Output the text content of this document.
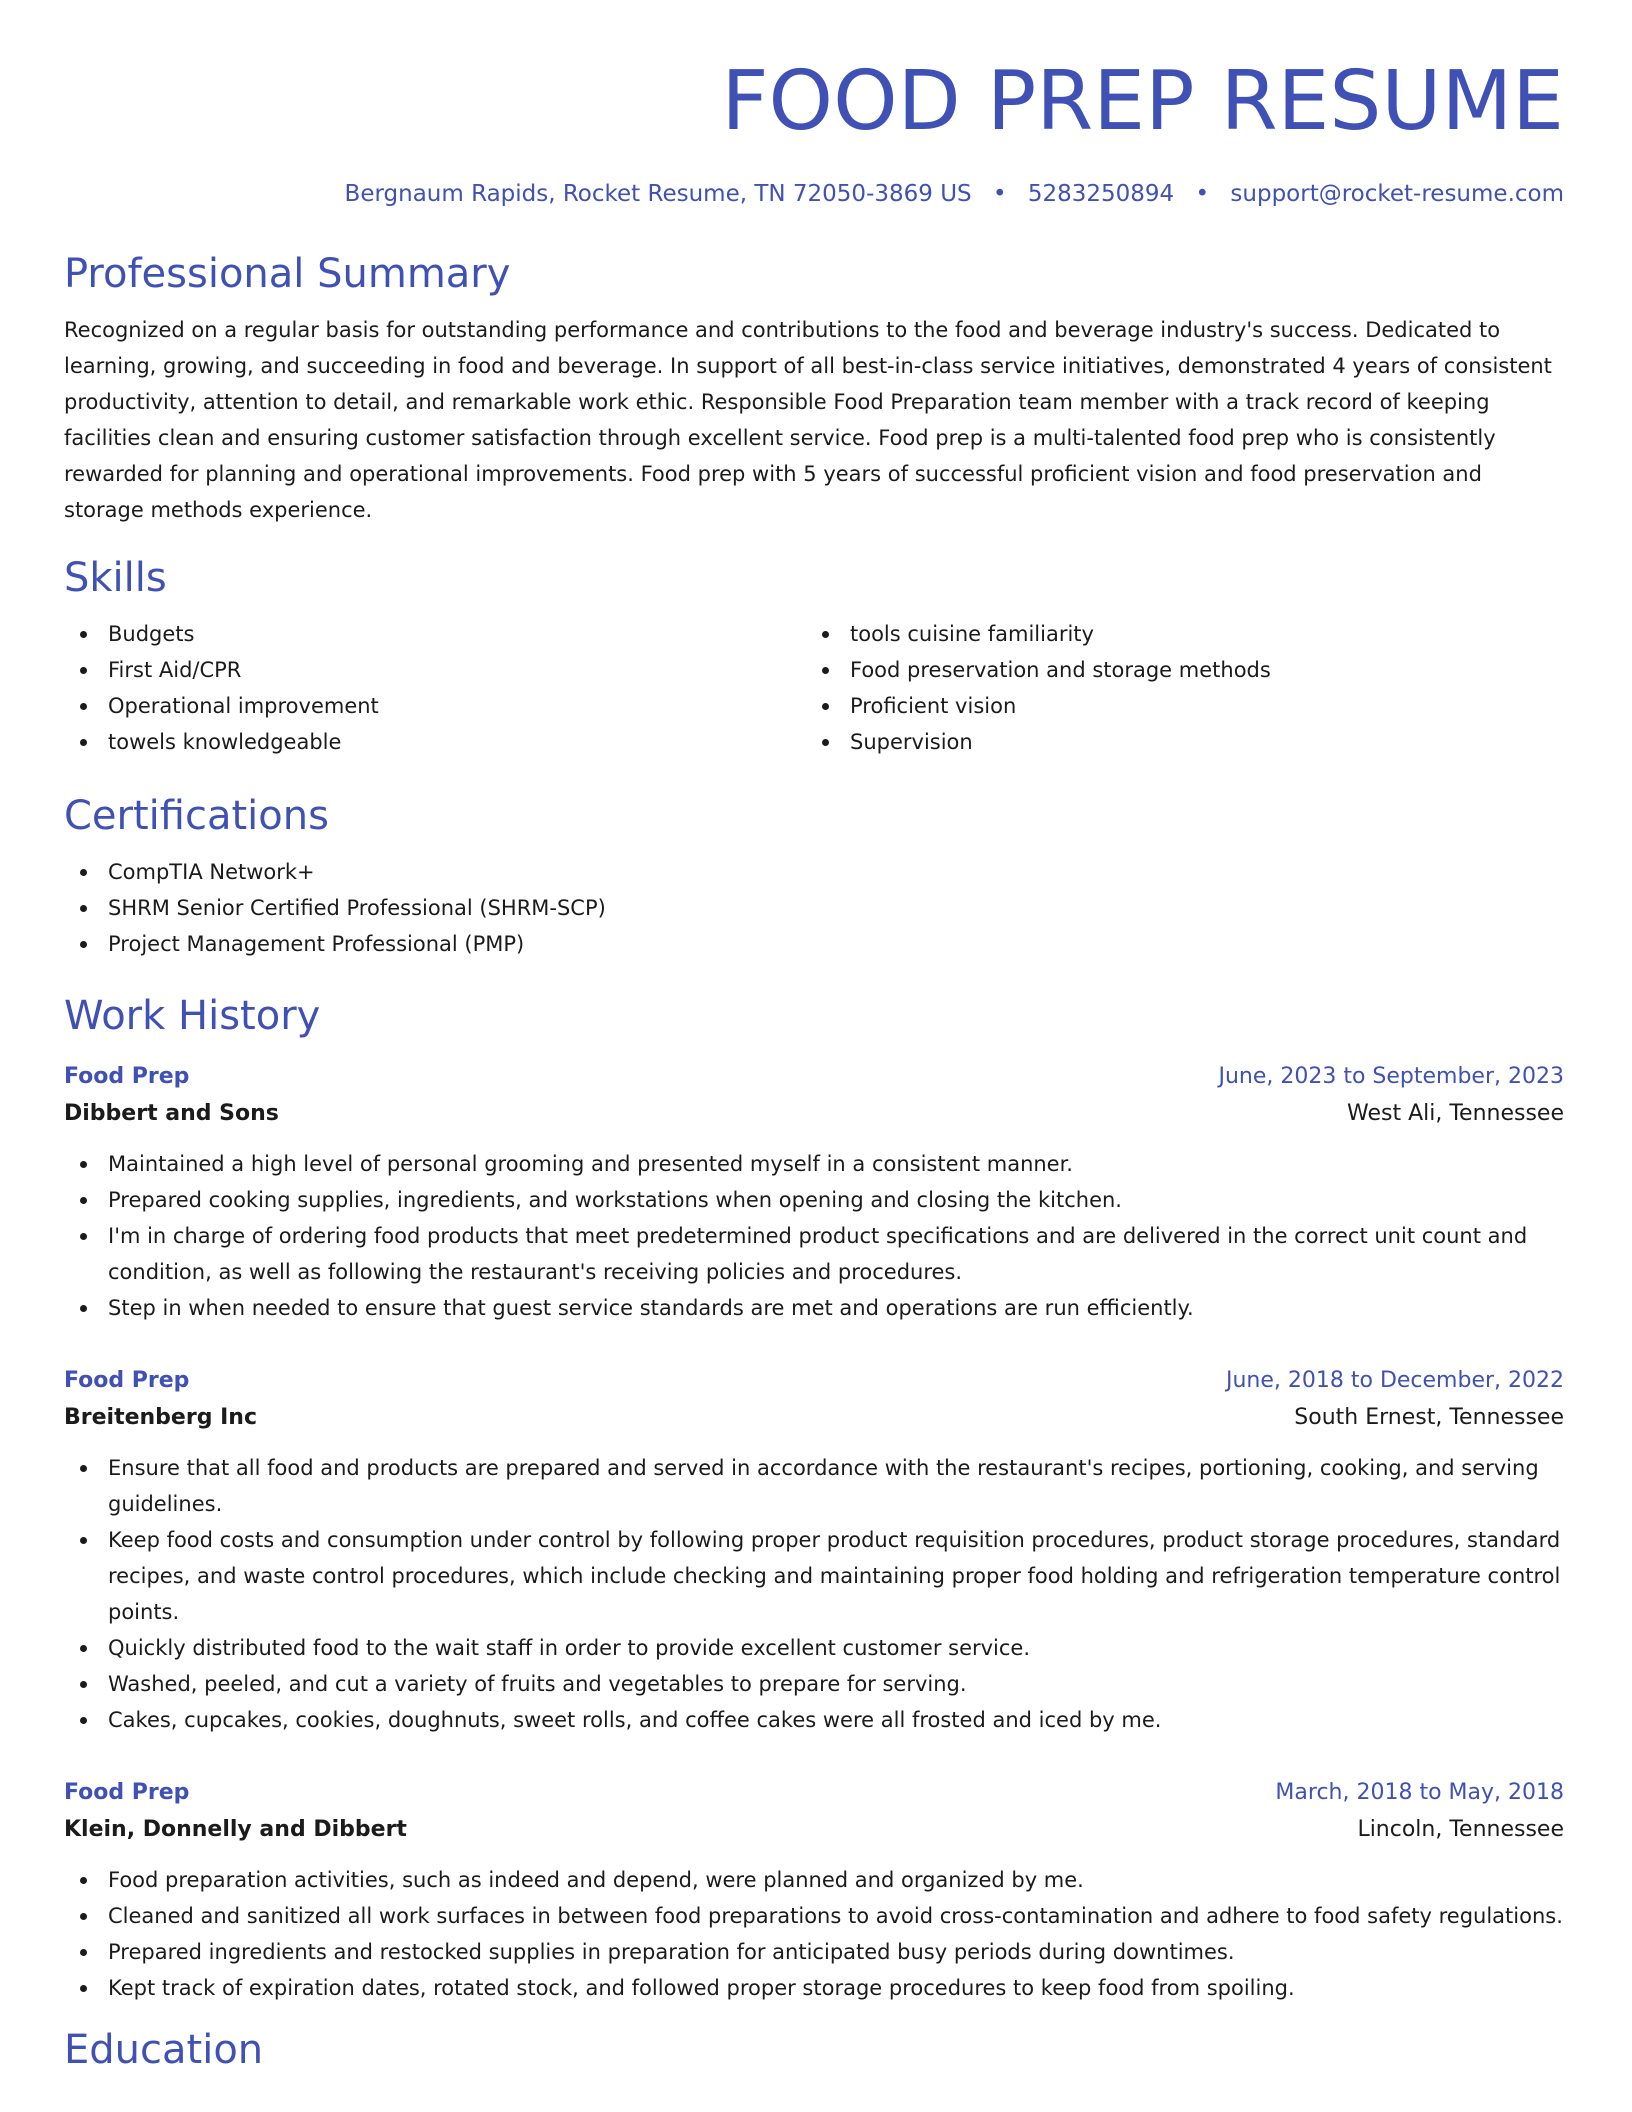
FOOD PREP RESUME
Bergnaum Rapids, Rocket Resume, TN 72050-3869 US • 5283250894 • support@rocket-resume.com
Professional Summary

Recognized on a regular basis for outstanding performance and contributions to the food and beverage industry's success. Dedicated to learning, growing, and succeeding in food and beverage. In support of all best-in-class service initiatives, demonstrated 4 years of consistent productivity, attention to detail, and remarkable work ethic. Responsible Food Preparation team member with a track record of keeping facilities clean and ensuring customer satisfaction through excellent service. Food prep is a multi-talented food prep who is consistently rewarded for planning and operational improvements. Food prep with 5 years of successful proficient vision and food preservation and storage methods experience.

Skills
Budgets
First Aid/CPR
Operational improvement
towels knowledgeable
tools cuisine familiarity
Food preservation and storage methods
Proficient vision
Supervision
Certifications
CompTIA Network+
SHRM Senior Certified Professional (SHRM-SCP)
Project Management Professional (PMP)
Work History
Food Prep	June, 2023 to September, 2023
Dibbert and Sons	West Ali, Tennessee
Maintained a high level of personal grooming and presented myself in a consistent manner.
Prepared cooking supplies, ingredients, and workstations when opening and closing the kitchen.
I'm in charge of ordering food products that meet predetermined product specifications and are delivered in the correct unit count and condition, as well as following the restaurant's receiving policies and procedures.
Step in when needed to ensure that guest service standards are met and operations are run efficiently.
Food Prep	June, 2018 to December, 2022
Breitenberg Inc	South Ernest, Tennessee
Ensure that all food and products are prepared and served in accordance with the restaurant's recipes, portioning, cooking, and serving guidelines.
Keep food costs and consumption under control by following proper product requisition procedures, product storage procedures, standard recipes, and waste control procedures, which include checking and maintaining proper food holding and refrigeration temperature control points.
Quickly distributed food to the wait staff in order to provide excellent customer service.
Washed, peeled, and cut a variety of fruits and vegetables to prepare for serving.
Cakes, cupcakes, cookies, doughnuts, sweet rolls, and coffee cakes were all frosted and iced by me.
Food Prep	March, 2018 to May, 2018
Klein, Donnelly and Dibbert	Lincoln, Tennessee
Food preparation activities, such as indeed and depend, were planned and organized by me.
Cleaned and sanitized all work surfaces in between food preparations to avoid cross-contamination and adhere to food safety regulations.
Prepared ingredients and restocked supplies in preparation for anticipated busy periods during downtimes.
Kept track of expiration dates, rotated stock, and followed proper storage procedures to keep food from spoiling.
Education
